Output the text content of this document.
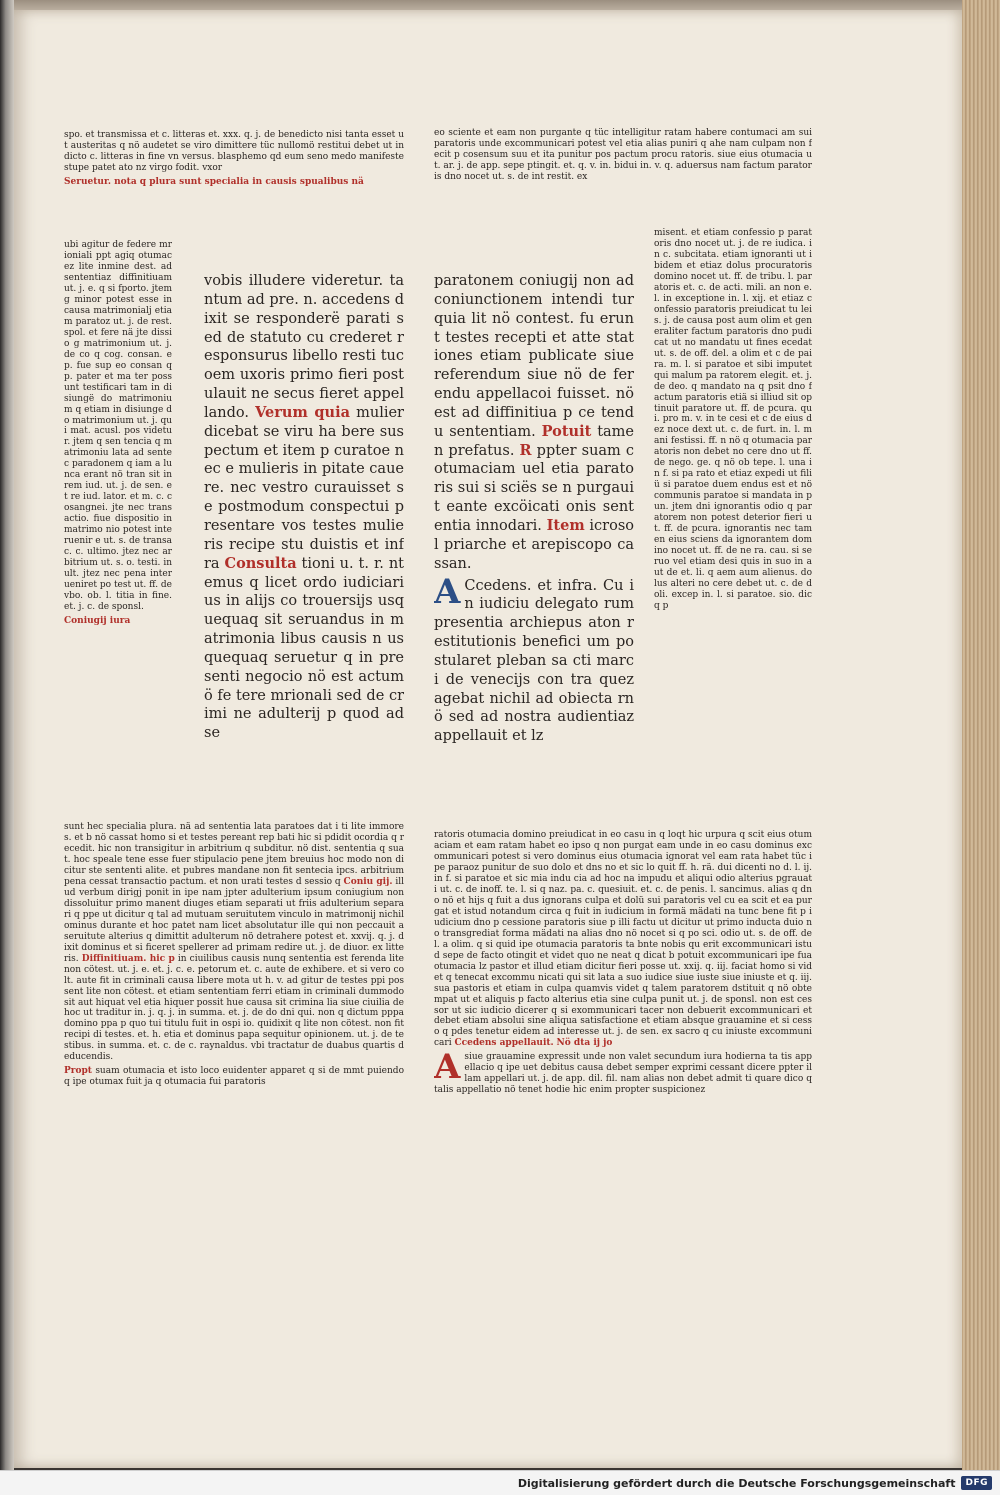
spo. et transmissa et c. litteras et. xxx. q. j. de benedicto nisi tanta esset ut austeritas q nö audetet se viro dimittere tüc nullomö restitui debet ut in dicto c. litteras in fine vn versus. blasphemo qd eum seno medo manifeste stupe patet ato nz virgo fodit. vxor

Seruetur. nota q plura sunt specialia in causis spualibus nä

ubi agitur de federe mrioniali ppt agiq otumacez lite inmine dest. ad sententiaz diffinitiuam ut. j. e. q si fporto. jtem g minor potest esse in causa matrimonialj etiam paratoz ut. j. de rest. spol. et fere nä jte dissio g matrimonium ut. j. de co q cog. consan. ep. fue sup eo consan qp. pater et ma ter possunt testificari tam in disiungë do matrimonium q etiam in disiunge do matrimonium ut. j. qui mat. acusl. pos videtur. jtem q sen tencia q matrimoniu lata ad sentec paradonem q iam a lunca erant nö tran sit in rem iud. ut. j. de sen. et re iud. lator. et m. c. cosangnei. jte nec transactio. fiue dispositio in matrimo nio potest interuenir e ut. s. de transac. c. ultimo. jtez nec ar bitrium ut. s. o. testi. in ult. jtez nec pena interueniret po test ut. ff. de vbo. ob. l. titia in fine. et. j. c. de sponsl.

Coniugij iura

sunt hec specialia plura. nä ad sententia lata paratoes dat i ti lite immores. et b nö cassat homo si et testes pereant rep bati hic si pdidit ocordia q recedit. hic non transigitur in arbitrium q subditur. nö dist. sententia q suat. hoc speale tene esse fuer stipulacio pene jtem breuius hoc modo non dicitur ste sententi alite. et pubres mandane non fit sentecia ipcs. arbitrium pena cessat transactio pactum. et non urati testes d sessio q Coniu gij. illud verbum dirigj ponit in ipe nam jpter adulterium ipsum coniugium non dissoluitur primo manent diuges etiam separati ut friis adulterium separari q ppe ut dicitur q tal ad mutuam seruitutem vinculo in matrimonij nichilominus durante et hoc patet nam licet absolutatur ille qui non peccauit a seruitute alterius q dimittit adulterum nö detrahere potest et. xxvij. q. j. dixit dominus et si ficeret spellerer ad primam redire ut. j. de diuor. ex litteris. Diffinitiuam. hic p in ciuilibus causis nunq sententia est ferenda lite non cötest. ut. j. e. et. j. c. e. petorum et. c. aute de exhibere. et si vero colt. aute fit in criminali causa libere mota ut h. v. ad gitur de testes ppi pos sent lite non cötest. et etiam sententiam ferri etiam in criminali dummodo sit aut hiquat vel etia hiquer possit hue causa sit crimina lia siue ciuilia de hoc ut traditur in. j. q. j. in summa. et. j. de do dni qui. non q dictum pppa domino ppa p quo tui titulu fuit in ospi io. quidixit q lite non cötest. non fit recipi di testes. et. h. etia et dominus papa sequitur opinionem. ut. j. de testibus. in summa. et. c. de c. raynaldus. vbi tractatur de duabus quartis deducendis.

Propt suam otumacia et isto loco euidenter apparet q si de mmt puiendo q ipe otumax fuit ja q otumacia fui paratoris

vobis illudere videretur. tantum ad pre. n. accedens dixit se responderë parati sed de statuto cu crederet responsurus libello resti tucoem uxoris primo fieri postulauit ne secus fieret appellando. Verum quia mulier dicebat se viru ha bere suspectum et item p curatoe nec e mulieris in pitate cauere. nec vestro curauisset se postmodum conspectui presentare vos testes mulieris recipe stu duistis et infra Consulta tioni u. t. r. ntemus q licet ordo iudiciarius in alijs co trouersijs usquequaq sit seruandus in matrimonia libus causis n usquequaq seruetur q in presenti negocio nö est actum ö fe tere mrionali sed de crimi ne adulterij p quod ad se

eo sciente et eam non purgante q tüc intelligitur ratam habere contumaci am sui paratoris unde excommunicari potest vel etia alias puniri q ahe nam culpam non fecit p cosensum suu et ita punitur pos pactum procu ratoris. siue eius otumacia ut. ar. j. de app. sepe ptingit. et. q. v. in. bidui in. v. q. aduersus nam factum paratoris dno nocet ut. s. de int restit. ex

paratonem coniugij non ad coniunctionem intendi tur quia lit nö contest. fu erunt testes recepti et atte stationes etiam publicate siue referendum siue nö de ferendu appellacoi fuisset. nö est ad diffinitiua p ce tendu sententiam. Potuit tamen prefatus. R ppter suam cotumaciam uel etia paratoris sui si sciës se n purgauit eante excöicati onis sententia innodari. Item icrosol priarche et arepiscopo cassan.

A Ccedens. et infra. Cu in iudiciu delegato rum presentia archiepus aton restitutionis benefici um postularet pleban sa cti marci de venecijs con tra quez agebat nichil ad obiecta rnö sed ad nostra audientiaz appellauit et lz

misent. et etiam confessio p paratoris dno nocet ut. j. de re iudica. in c. subcitata. etiam ignoranti ut ibidem et etiaz dolus procuratoris domino nocet ut. ff. de tribu. l. paratoris et. c. de acti. mili. an non e. l. in exceptione in. l. xij. et etiaz confessio paratoris preiudicat tu leis. j. de causa post aum olim et generaliter factum paratoris dno pudi cat ut no mandatu ut fines ecedat ut. s. de off. del. a olim et c de paira. m. l. si paratoe et sibi imputet qui malum pa ratorem elegit. et. j. de deo. q mandato na q psit dno factum paratoris etiä si illiud sit optinuit paratore ut. ff. de pcura. qui. pro m. v. in te cesi et c de eius dez noce dext ut. c. de furt. in. l. mani festissi. ff. n nö q otumacia paratoris non debet no cere dno ut ff. de nego. ge. q nö ob tepe. l. una in f. si pa rato et etiaz expedi ut filiü si paratoe duem endus est et nö communis paratoe si mandata in pun. jtem dni ignorantis odio q paratorem non potest deterior fieri ut. ff. de pcura. ignorantis nec tamen eius sciens da ignorantem domino nocet ut. ff. de ne ra. cau. si seruo vel etiam desi quis in suo in aut de et. li. q aem aum alienus. dolus alteri no cere debet ut. c. de doli. excep in. l. si paratoe. sio. dic q p

ratoris otumacia domino preiudicat in eo casu in q loqt hic urpura q scit eius otumaciam et eam ratam habet eo ipso q non purgat eam unde in eo casu dominus excommunicari potest si vero dominus eius otumacia ignorat vel eam rata habet tüc ipe paraoz punitur de suo dolo et dns no et sic lo quit ff. h. rä. dui dicenti no d. l. ij. in f. si paratoe et sic mia indu cia ad hoc na impudu et aliqui odio alterius pgrauati ut. c. de inoff. te. l. si q naz. pa. c. quesiuit. et. c. de penis. l. sancimus. alias q dno nö et hijs q fuit a dus ignorans culpa et dolü sui paratoris vel cu ea scit et ea purgat et istud notandum circa q fuit in iudicium in formä mädati na tunc bene fit p iudicium dno p cessione paratoris siue p illi factu ut dicitur ut primo inducta duio no transgrediat forma mädati na alias dno nö nocet si q po sci. odio ut. s. de off. del. a olim. q si quid ipe otumacia paratoris ta bnte nobis qu erit excommunicari istud sepe de facto otingit et videt quo ne neat q dicat b potuit excommunicari ipe fua otumacia lz pastor et illud etiam dicitur fieri posse ut. xxij. q. iij. faciat homo si videt q tenecat excommu nicati qui sit lata a suo iudice siue iuste siue iniuste et q. iij. sua pastoris et etiam in culpa quamvis videt q talem paratorem dstituit q nö obtempat ut et aliquis p facto alterius etia sine culpa punit ut. j. de sponsl. non est cessor ut sic iudicio dicerer q si exommunicari tacer non debuerit excommunicari et debet etiam absolui sine aliqua satisfactione et etiam absque grauamine et si cesso q pdes tenetur eidem ad interesse ut. j. de sen. ex sacro q cu iniuste excommunicari Ccedens appellauit. Nö dta ij jo

A siue grauamine expressit unde non valet secundum iura hodierna ta tis appellacio q ipe uet debitus causa debet semper exprimi cessant dicere ppter illam appellari ut. j. de app. dil. fil. nam alias non debet admit ti quare dico q talis appellatio nö tenet hodie hic enim propter suspicionez

Digitalisierung gefördert durch die Deutsche Forschungsgemeinschaft	DFG
